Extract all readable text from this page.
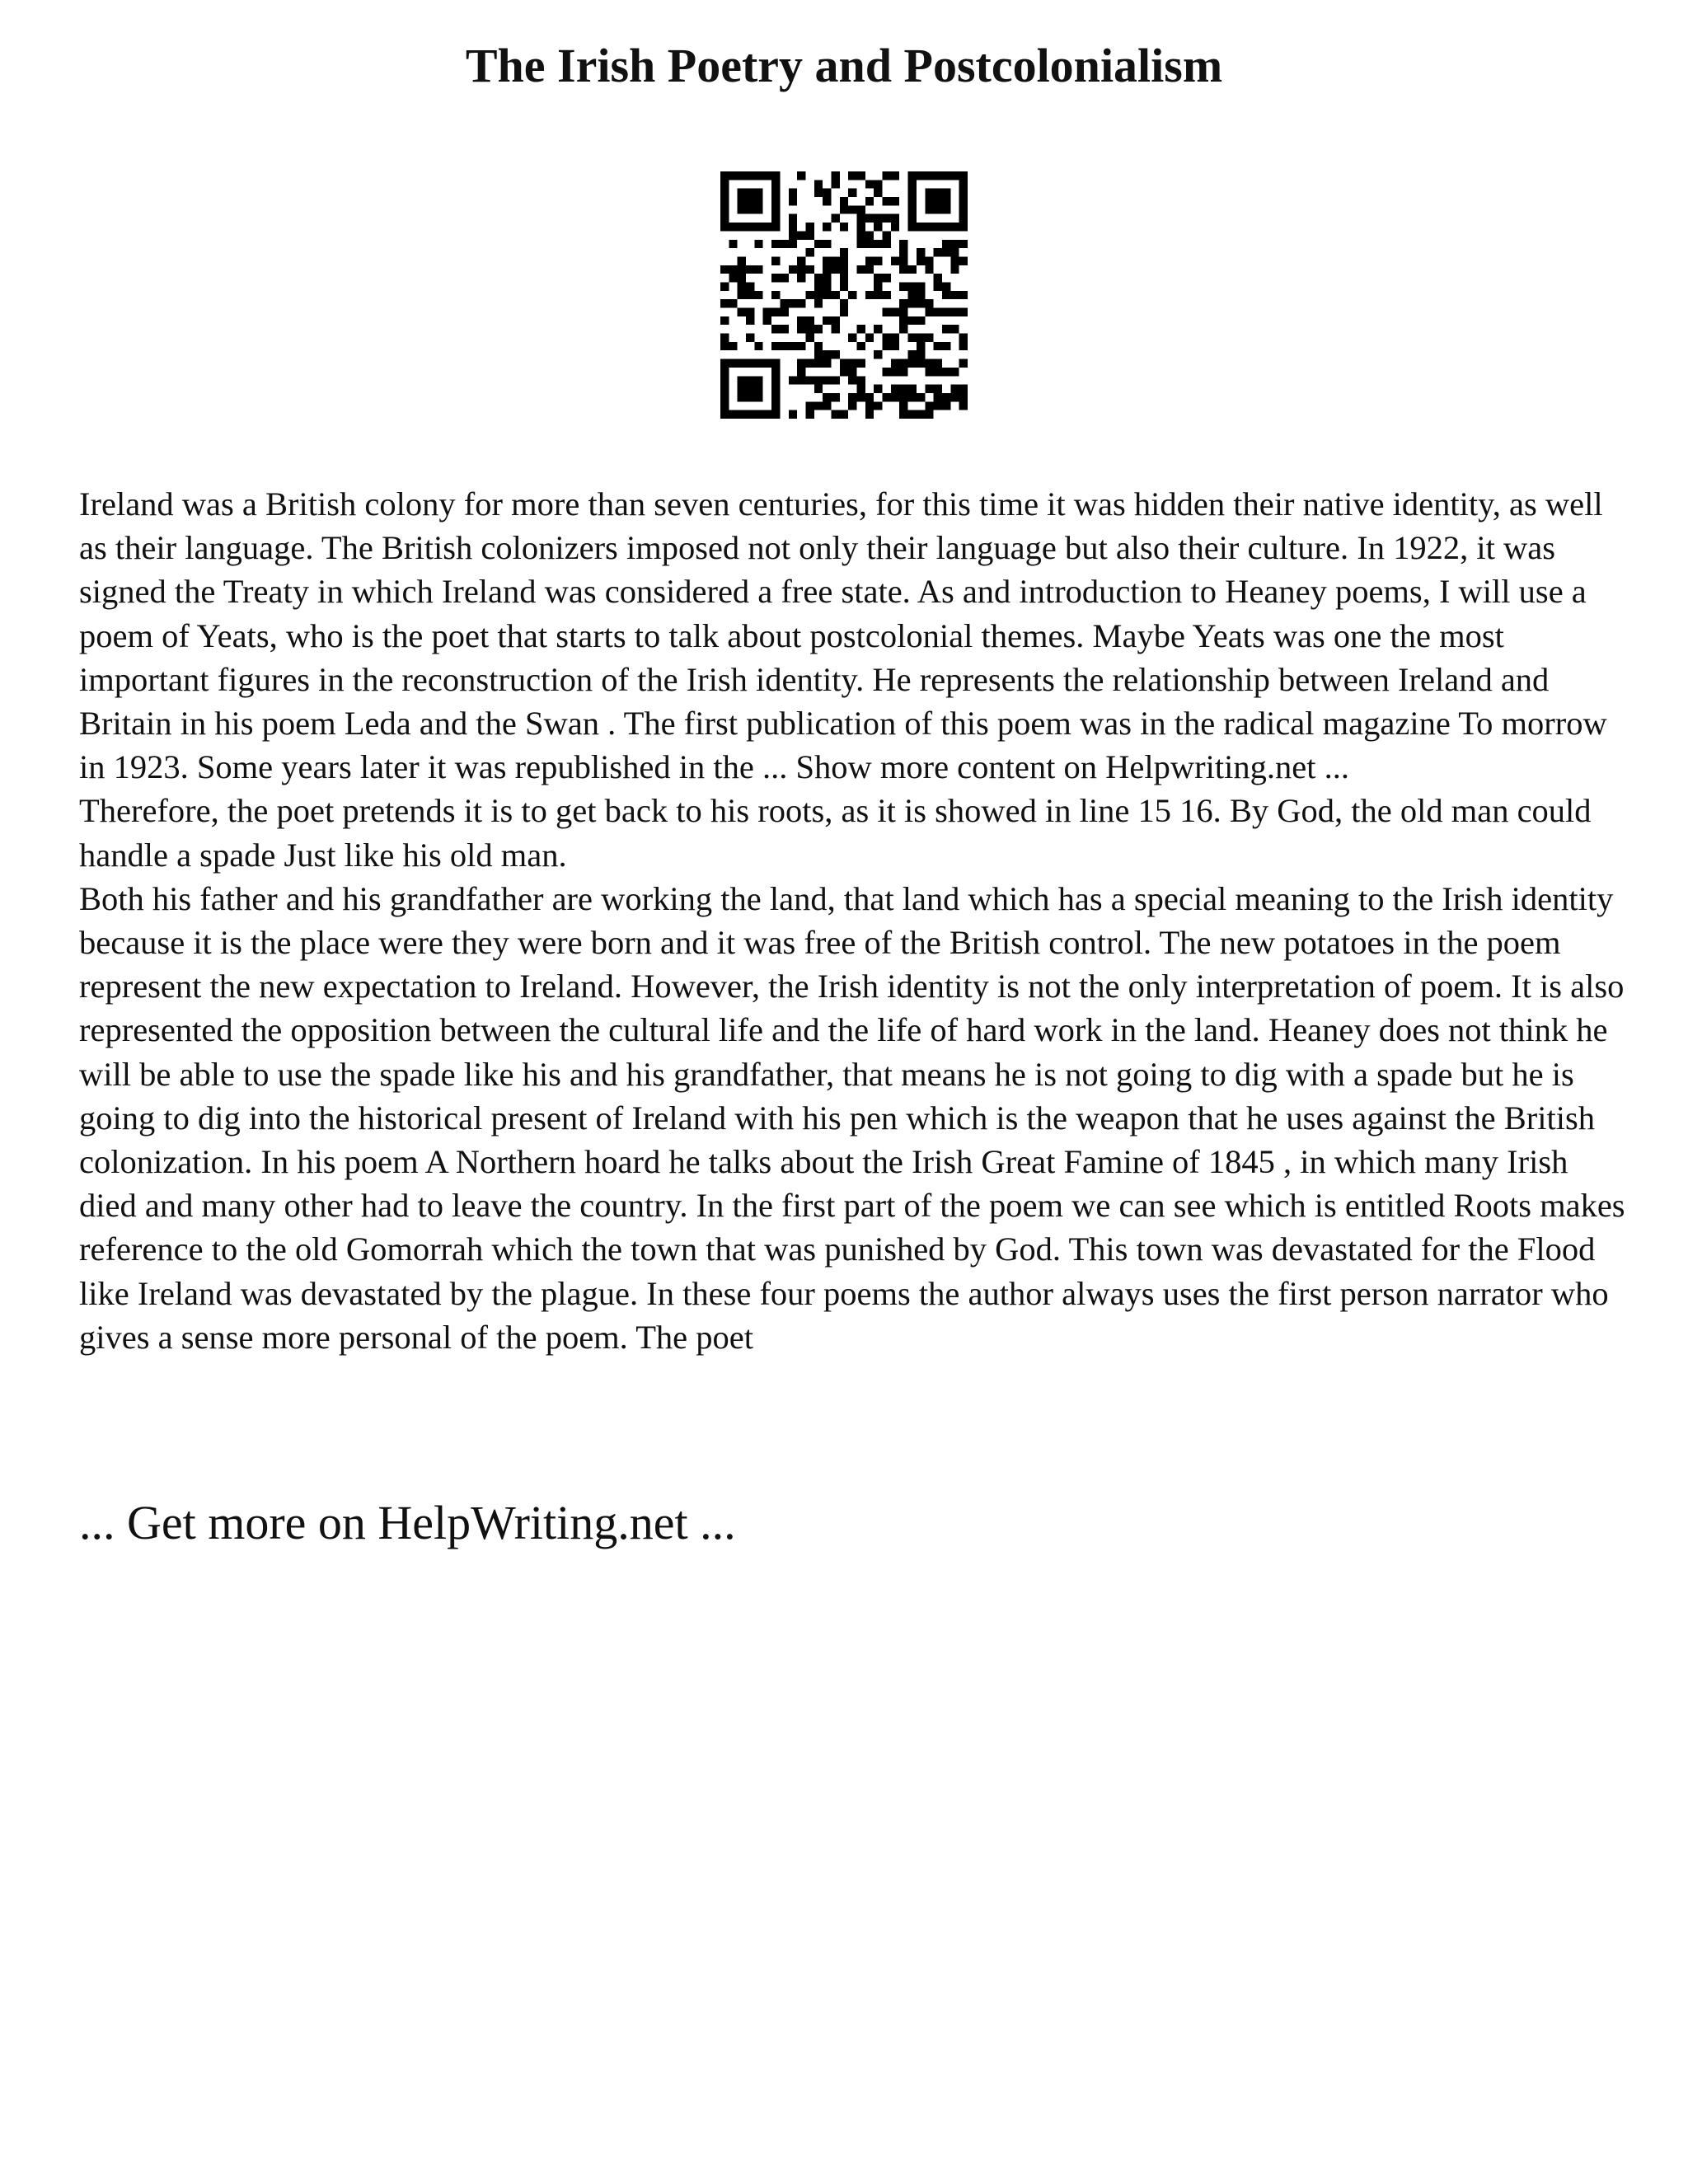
The Irish Poetry and Postcolonialism

Ireland was a British colony for more than seven centuries, for this time it was hidden their native identity, as well as their language. The British colonizers imposed not only their language but also their culture. In 1922, it was signed the Treaty in which Ireland was considered a free state. As and introduction to Heaney poems, I will use a poem of Yeats, who is the poet that starts to talk about postcolonial themes. Maybe Yeats was one the most important figures in the reconstruction of the Irish identity. He represents the relationship between Ireland and Britain in his poem Leda and the Swan . The first publication of this poem was in the radical magazine To morrow in 1923. Some years later it was republished in the ... Show more content on Helpwriting.net ...

Therefore, the poet pretends it is to get back to his roots, as it is showed in line 15 16. By God, the old man could handle a spade Just like his old man.

Both his father and his grandfather are working the land, that land which has a special meaning to the Irish identity because it is the place were they were born and it was free of the British control. The new potatoes in the poem represent the new expectation to Ireland. However, the Irish identity is not the only interpretation of poem. It is also represented the opposition between the cultural life and the life of hard work in the land. Heaney does not think he will be able to use the spade like his and his grandfather, that means he is not going to dig with a spade but he is going to dig into the historical present of Ireland with his pen which is the weapon that he uses against the British colonization. In his poem A Northern hoard he talks about the Irish Great Famine of 1845 , in which many Irish died and many other had to leave the country. In the first part of the poem we can see which is entitled Roots makes reference to the old Gomorrah which the town that was punished by God. This town was devastated for the Flood like Ireland was devastated by the plague. In these four poems the author always uses the first person narrator who gives a sense more personal of the poem. The poet

... Get more on HelpWriting.net ...
